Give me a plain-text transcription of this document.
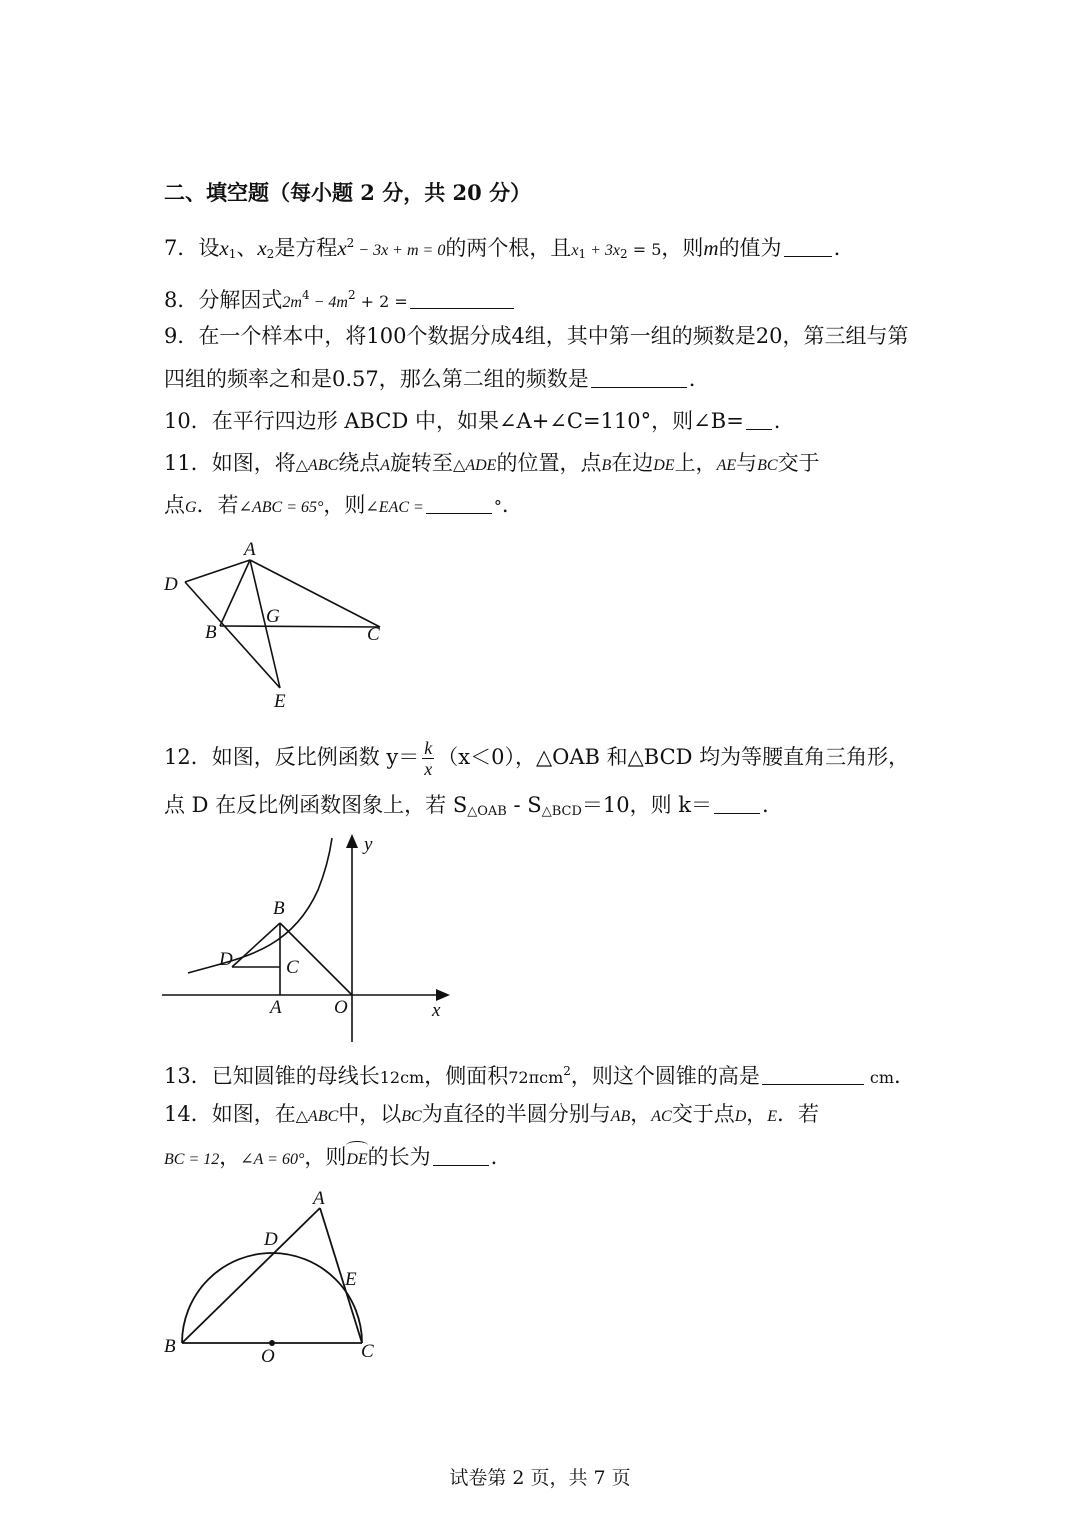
二、填空题（每小题 2 分，共 20 分）
7．设$x_1$、$x_2$是方程$x^2 - 3x + m = 0$的两个根，且$x_1 + 3x_2 = 5$，则m的值为 .
8．分解因式$2m^4 - 4m^2 + 2$ =
9．在一个样本中，将100个数据分成4组，其中第一组的频数是20，第三组与第
四组的频率之和是0.57，那么第二组的频数是	.
10．在平行四边形 ABCD 中，如果∠A+∠C=110°，则∠B= .
11．如图，将△ABC绕点A旋转至△ADE的位置，点B在边DE上，AE与BC交于
点G．若∠ABC = 65°，则∠EAC =	°.
A
D
B
G
C
E
12．如图，反比例函数 $y= \frac{k}{x} (x<0)$，△OAB 和△BCD 均为等腰直角三角形，
点 D 在反比例函数图象上，若 $S_{\triangle OAB} - S_{\triangle BCD}=10$，则 k＝ .
y
x
B
C
D
A	O
13．已知圆锥的母线长12cm，侧面积72πcm$^2$，则这个圆锥的高是	cm.
14．如图，在△ABC中，以BC为直径的半圆分别与AB，AC交于点D，E．若
BC = 12，∠A = 60°，则DE的长为	.
A
D
E
B	C
O
试卷第 2 页，共 7 页
